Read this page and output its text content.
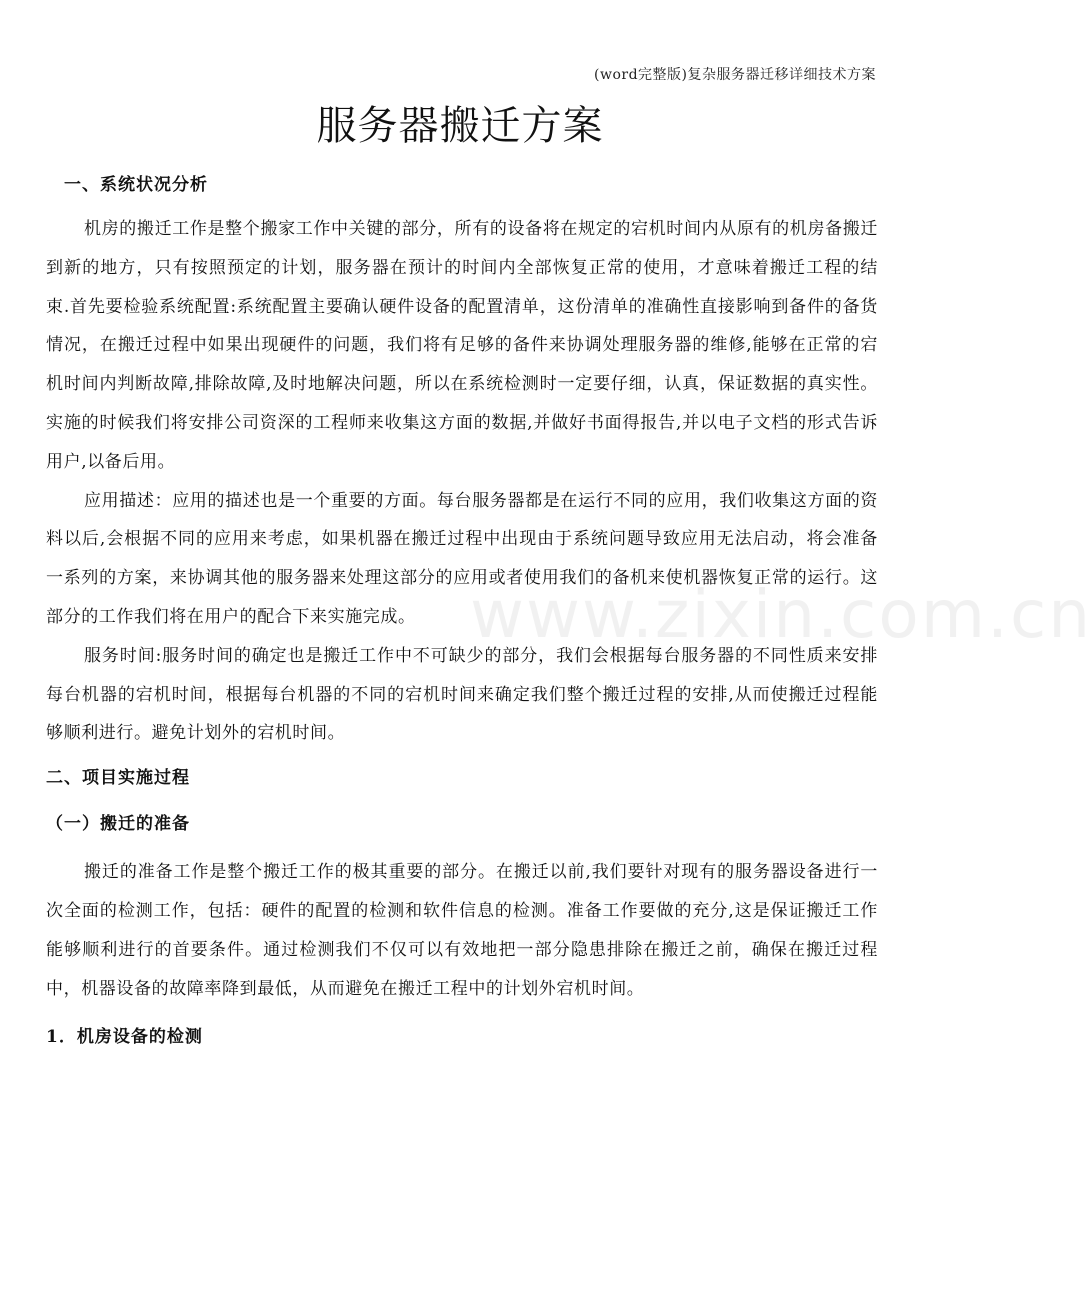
(word完整版)复杂服务器迁移详细技术方案
服务器搬迁方案

一、系统状况分析

机房的搬迁工作是整个搬家工作中关键的部分，所有的设备将在规定的宕机时间内从原有的机房备搬迁到新的地方，只有按照预定的计划，服务器在预计的时间内全部恢复正常的使用，才意味着搬迁工程的结束.首先要检验系统配置:系统配置主要确认硬件设备的配置清单，这份清单的准确性直接影响到备件的备货情况，在搬迁过程中如果出现硬件的问题，我们将有足够的备件来协调处理服务器的维修,能够在正常的宕机时间内判断故障,排除故障,及时地解决问题，所以在系统检测时一定要仔细，认真，保证数据的真实性。实施的时候我们将安排公司资深的工程师来收集这方面的数据,并做好书面得报告,并以电子文档的形式告诉用户,以备后用。

应用描述：应用的描述也是一个重要的方面。每台服务器都是在运行不同的应用，我们收集这方面的资料以后,会根据不同的应用来考虑，如果机器在搬迁过程中出现由于系统问题导致应用无法启动，将会准备一系列的方案，来协调其他的服务器来处理这部分的应用或者使用我们的备机来使机器恢复正常的运行。这部分的工作我们将在用户的配合下来实施完成。

服务时间:服务时间的确定也是搬迁工作中不可缺少的部分，我们会根据每台服务器的不同性质来安排每台机器的宕机时间，根据每台机器的不同的宕机时间来确定我们整个搬迁过程的安排,从而使搬迁过程能够顺利进行。避免计划外的宕机时间。

二、项目实施过程

（一）搬迁的准备

搬迁的准备工作是整个搬迁工作的极其重要的部分。在搬迁以前,我们要针对现有的服务器设备进行一次全面的检测工作，包括：硬件的配置的检测和软件信息的检测。准备工作要做的充分,这是保证搬迁工作能够顺利进行的首要条件。通过检测我们不仅可以有效地把一部分隐患排除在搬迁之前，确保在搬迁过程中，机器设备的故障率降到最低，从而避免在搬迁工程中的计划外宕机时间。

1．机房设备的检测

www.zixin.com.cn
